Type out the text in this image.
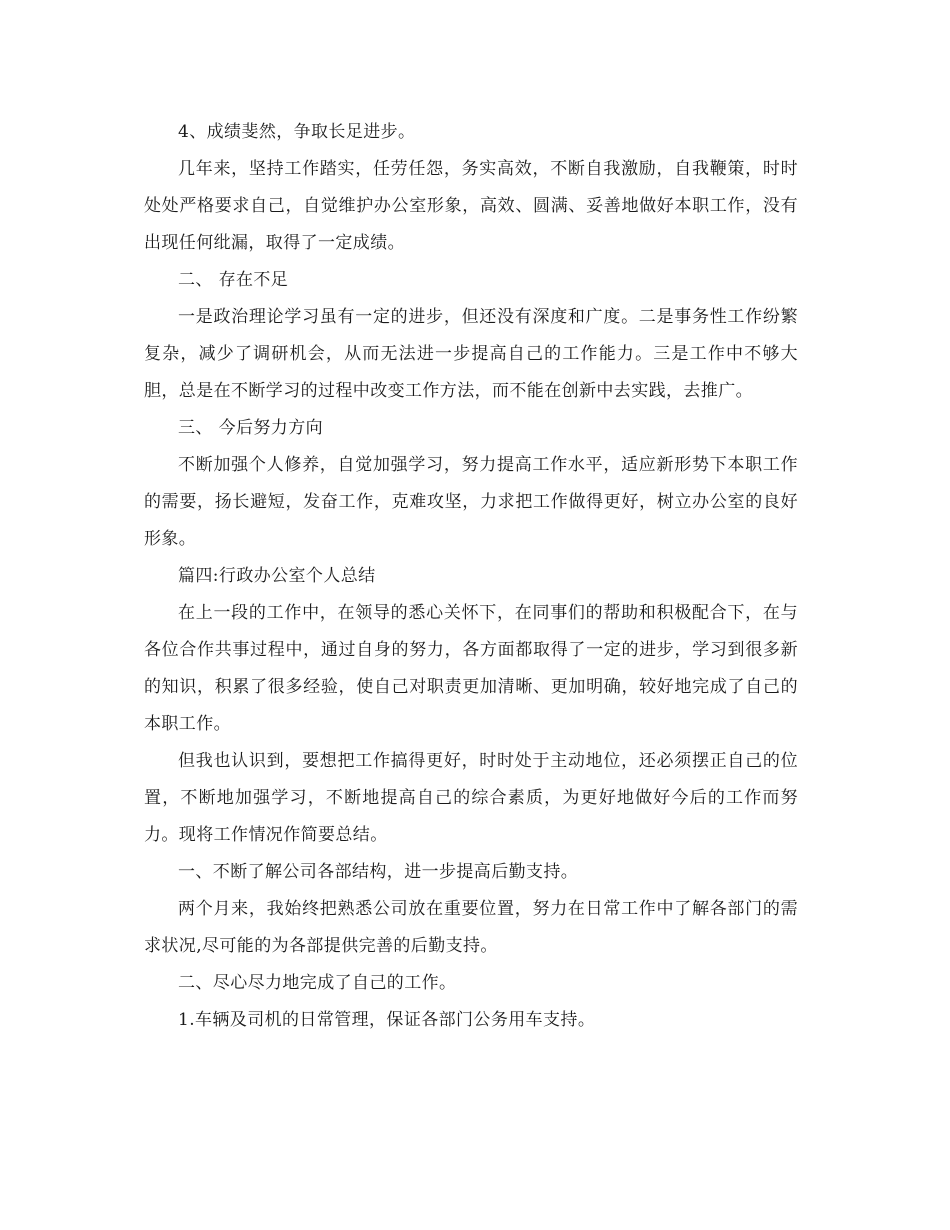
4、成绩斐然，争取长足进步。

几年来，坚持工作踏实，任劳任怨，务实高效，不断自我激励，自我鞭策，时时处处严格要求自己，自觉维护办公室形象，高效、圆满、妥善地做好本职工作，没有出现任何纰漏，取得了一定成绩。

二、 存在不足

一是政治理论学习虽有一定的进步，但还没有深度和广度。二是事务性工作纷繁复杂，减少了调研机会，从而无法进一步提高自己的工作能力。三是工作中不够大胆，总是在不断学习的过程中改变工作方法，而不能在创新中去实践，去推广。

三、 今后努力方向

不断加强个人修养，自觉加强学习，努力提高工作水平，适应新形势下本职工作的需要，扬长避短，发奋工作，克难攻坚，力求把工作做得更好，树立办公室的良好形象。

篇四:行政办公室个人总结

在上一段的工作中，在领导的悉心关怀下，在同事们的帮助和积极配合下，在与各位合作共事过程中，通过自身的努力，各方面都取得了一定的进步，学习到很多新的知识，积累了很多经验，使自己对职责更加清晰、更加明确，较好地完成了自己的本职工作。

但我也认识到，要想把工作搞得更好，时时处于主动地位，还必须摆正自己的位置，不断地加强学习，不断地提高自己的综合素质，为更好地做好今后的工作而努力。现将工作情况作简要总结。

一、不断了解公司各部结构，进一步提高后勤支持。

两个月来，我始终把熟悉公司放在重要位置，努力在日常工作中了解各部门的需求状况,尽可能的为各部提供完善的后勤支持。

二、尽心尽力地完成了自己的工作。

1.车辆及司机的日常管理，保证各部门公务用车支持。
